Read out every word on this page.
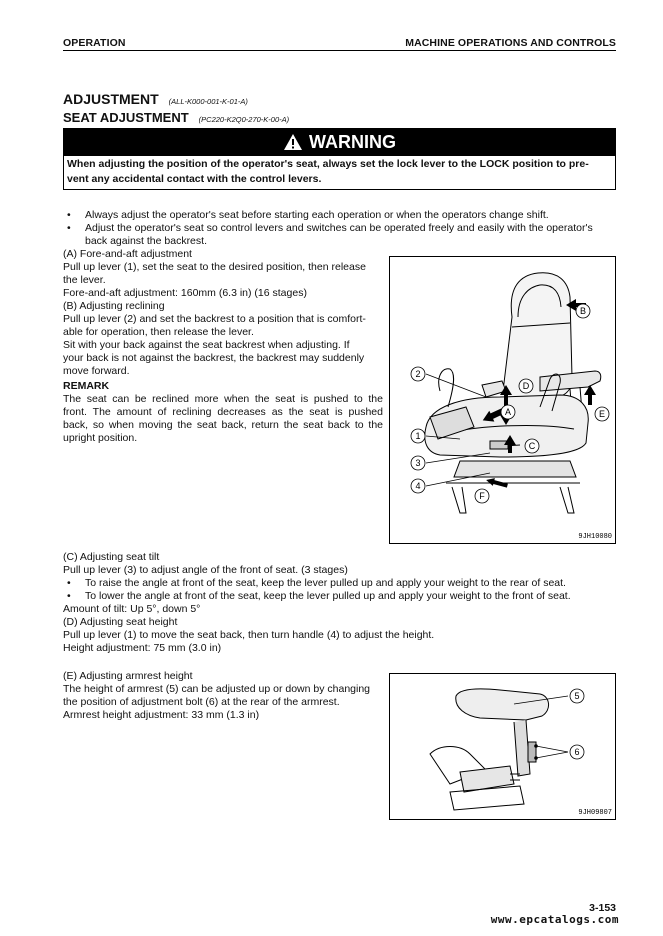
OPERATION	MACHINE OPERATIONS AND CONTROLS
ADJUSTMENT (ALL-K000-001-K-01-A)
SEAT ADJUSTMENT (PC220-K2Q0-270-K-00-A)
WARNING
When adjusting the position of the operator's seat, always set the lock lever to the LOCK position to pre-
vent any accidental contact with the control levers.
• Always adjust the operator's seat before starting each operation or when the operators change shift.
• Adjust the operator's seat so control levers and switches can be operated freely and easily with the operator's
back against the backrest.
(A) Fore-and-aft adjustment
Pull up lever (1), set the seat to the desired position, then release
the lever.
Fore-and-aft adjustment: 160mm (6.3 in) (16 stages)
(B) Adjusting reclining
Pull up lever (2) and set the backrest to a position that is comfort-
able for operation, then release the lever.
Sit with your back against the seat backrest when adjusting. If
your back is not against the backrest, the backrest may suddenly
move forward.
REMARK
The seat can be reclined more when the seat is pushed to the
front. The amount of reclining decreases as the seat is pushed
back, so when moving the seat back, return the seat back to the
upright position.
2
1
3
4
B
D
A
C
E
F
9JH10080
(C) Adjusting seat tilt
Pull up lever (3) to adjust angle of the front of seat. (3 stages)
• To raise the angle at front of the seat, keep the lever pulled up and apply your weight to the rear of seat.
• To lower the angle at front of the seat, keep the lever pulled up and apply your weight to the front of seat.
Amount of tilt: Up 5°, down 5°
(D) Adjusting seat height
Pull up lever (1) to move the seat back, then turn handle (4) to adjust the height.
Height adjustment: 75 mm (3.0 in)
(E) Adjusting armrest height
The height of armrest (5) can be adjusted up or down by changing
the position of adjustment bolt (6) at the rear of the armrest.
Armrest height adjustment: 33 mm (1.3 in)
5
6
9JH09807
3-153
www.epcatalogs.com
